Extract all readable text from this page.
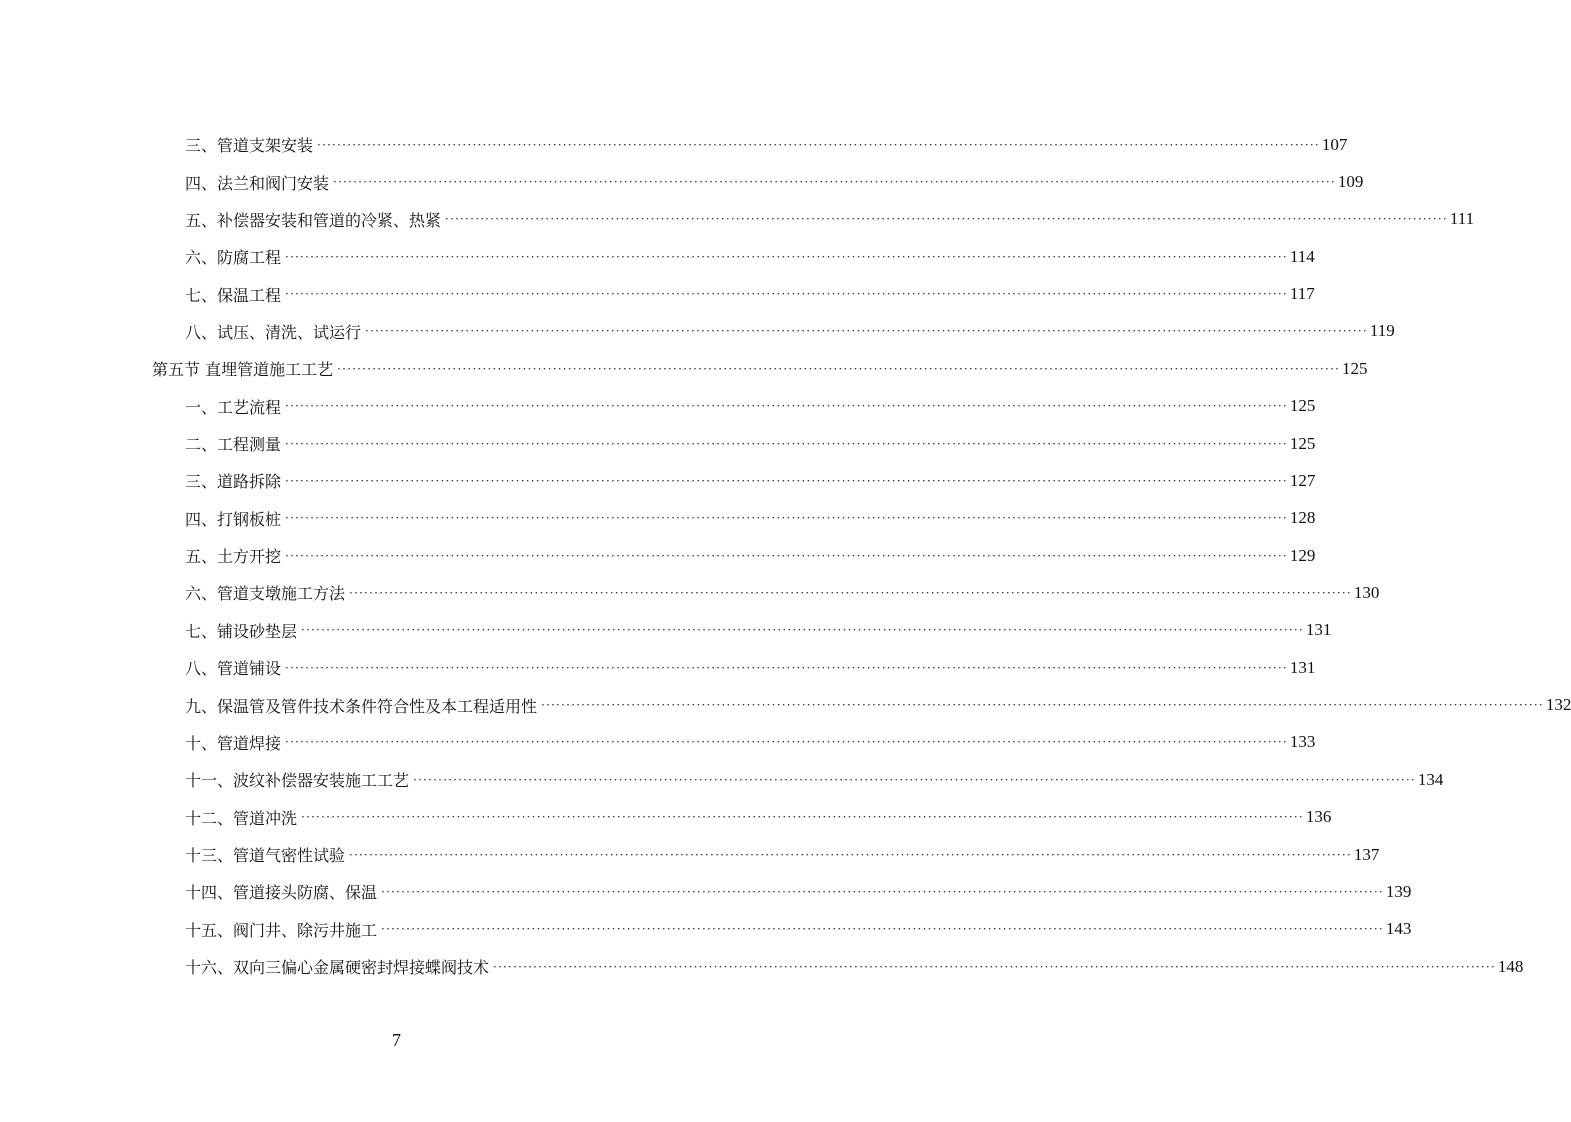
三、管道支架安装 ········································································································································································································ 107
四、法兰和阀门安装 ········································································································································································································ 109
五、补偿器安装和管道的冷紧、热紧 ········································································································································································································ 111
六、防腐工程 ········································································································································································································ 114
七、保温工程 ········································································································································································································ 117
八、试压、清洗、试运行 ········································································································································································································ 119
第五节 直埋管道施工工艺 ········································································································································································································ 125
一、工艺流程 ········································································································································································································ 125
二、工程测量 ········································································································································································································ 125
三、道路拆除 ········································································································································································································ 127
四、打钢板桩 ········································································································································································································ 128
五、土方开挖 ········································································································································································································ 129
六、管道支墩施工方法 ········································································································································································································ 130
七、铺设砂垫层 ········································································································································································································ 131
八、管道铺设 ········································································································································································································ 131
九、保温管及管件技术条件符合性及本工程适用性 ········································································································································································································ 132
十、管道焊接 ········································································································································································································ 133
十一、波纹补偿器安装施工工艺 ········································································································································································································ 134
十二、管道冲洗 ········································································································································································································ 136
十三、管道气密性试验 ········································································································································································································ 137
十四、管道接头防腐、保温 ········································································································································································································ 139
十五、阀门井、除污井施工 ········································································································································································································ 143
十六、双向三偏心金属硬密封焊接蝶阀技术 ········································································································································································································ 148
7
